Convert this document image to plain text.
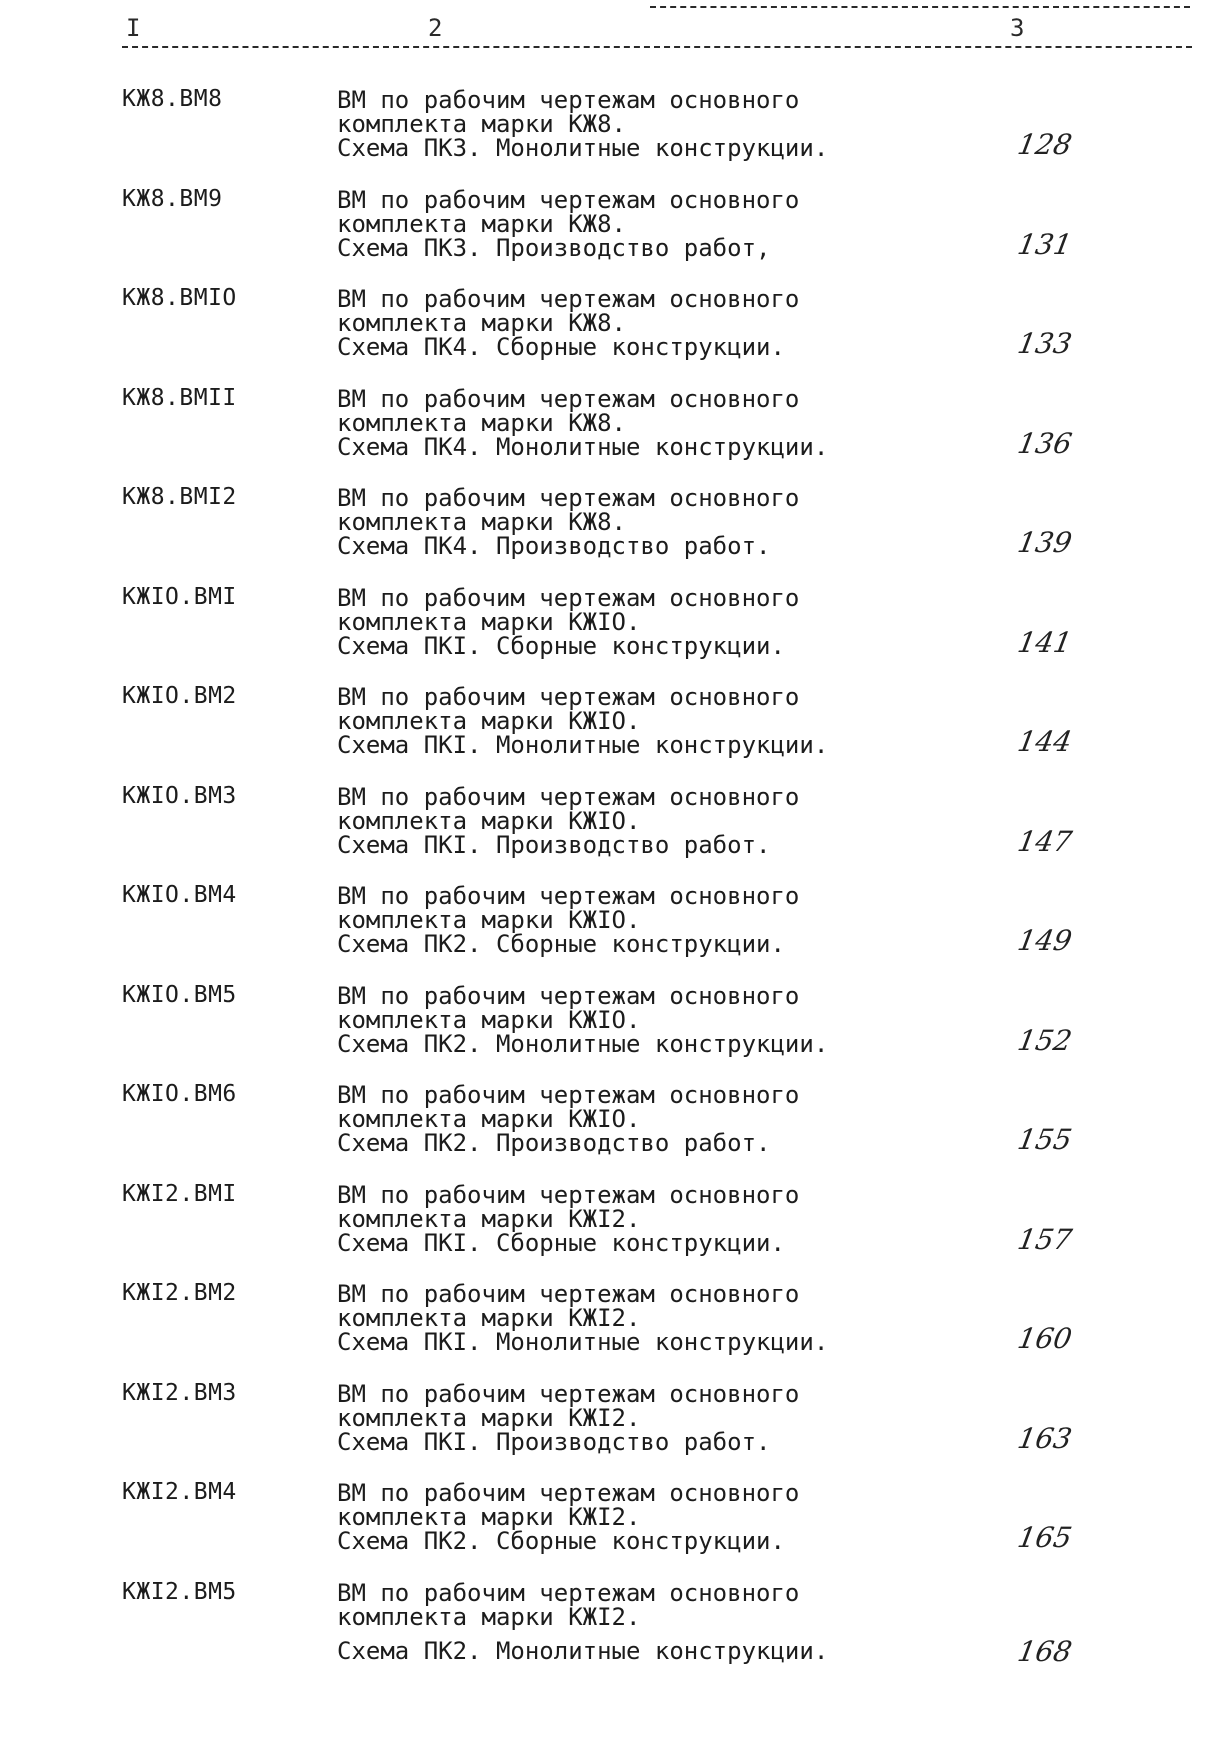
I	2	3
КЖ8.ВМ8	ВМ по рабочим чертежам основного
комплекта марки КЖ8.
Схема ПК3. Монолитные конструкции.	128
КЖ8.ВМ9	ВМ по рабочим чертежам основного
комплекта марки КЖ8.
Схема ПК3. Производство работ,	131
КЖ8.ВМIO	ВМ по рабочим чертежам основного
комплекта марки КЖ8.
Схема ПК4. Сборные конструкции.	133
КЖ8.ВМII	ВМ по рабочим чертежам основного
комплекта марки КЖ8.
Схема ПК4. Монолитные конструкции.	136
КЖ8.ВМI2	ВМ по рабочим чертежам основного
комплекта марки КЖ8.
Схема ПК4. Производство работ.	139
КЖIO.ВМI	ВМ по рабочим чертежам основного
комплекта марки КЖIO.
Схема ПКI. Сборные конструкции.	141
КЖIO.ВМ2	ВМ по рабочим чертежам основного
комплекта марки КЖIO.
Схема ПКI. Монолитные конструкции.	144
КЖIO.ВМ3	ВМ по рабочим чертежам основного
комплекта марки КЖIO.
Схема ПКI. Производство работ.	147
КЖIO.ВМ4	ВМ по рабочим чертежам основного
комплекта марки КЖIO.
Схема ПК2. Сборные конструкции.	149
КЖIO.ВМ5	ВМ по рабочим чертежам основного
комплекта марки КЖIO.
Схема ПК2. Монолитные конструкции.	152
КЖIO.ВМ6	ВМ по рабочим чертежам основного
комплекта марки КЖIO.
Схема ПК2. Производство работ.	155
КЖI2.ВМI	ВМ по рабочим чертежам основного
комплекта марки КЖI2.
Схема ПКI. Сборные конструкции.	157
КЖI2.ВМ2	ВМ по рабочим чертежам основного
комплекта марки КЖI2.
Схема ПКI. Монолитные конструкции.	160
КЖI2.ВМ3	ВМ по рабочим чертежам основного
комплекта марки КЖI2.
Схема ПКI. Производство работ.	163
КЖI2.ВМ4	ВМ по рабочим чертежам основного
комплекта марки КЖI2.
Схема ПК2. Сборные конструкции.	165
КЖI2.ВМ5	ВМ по рабочим чертежам основного
комплекта марки КЖI2.
Схема ПК2. Монолитные конструкции.	168
